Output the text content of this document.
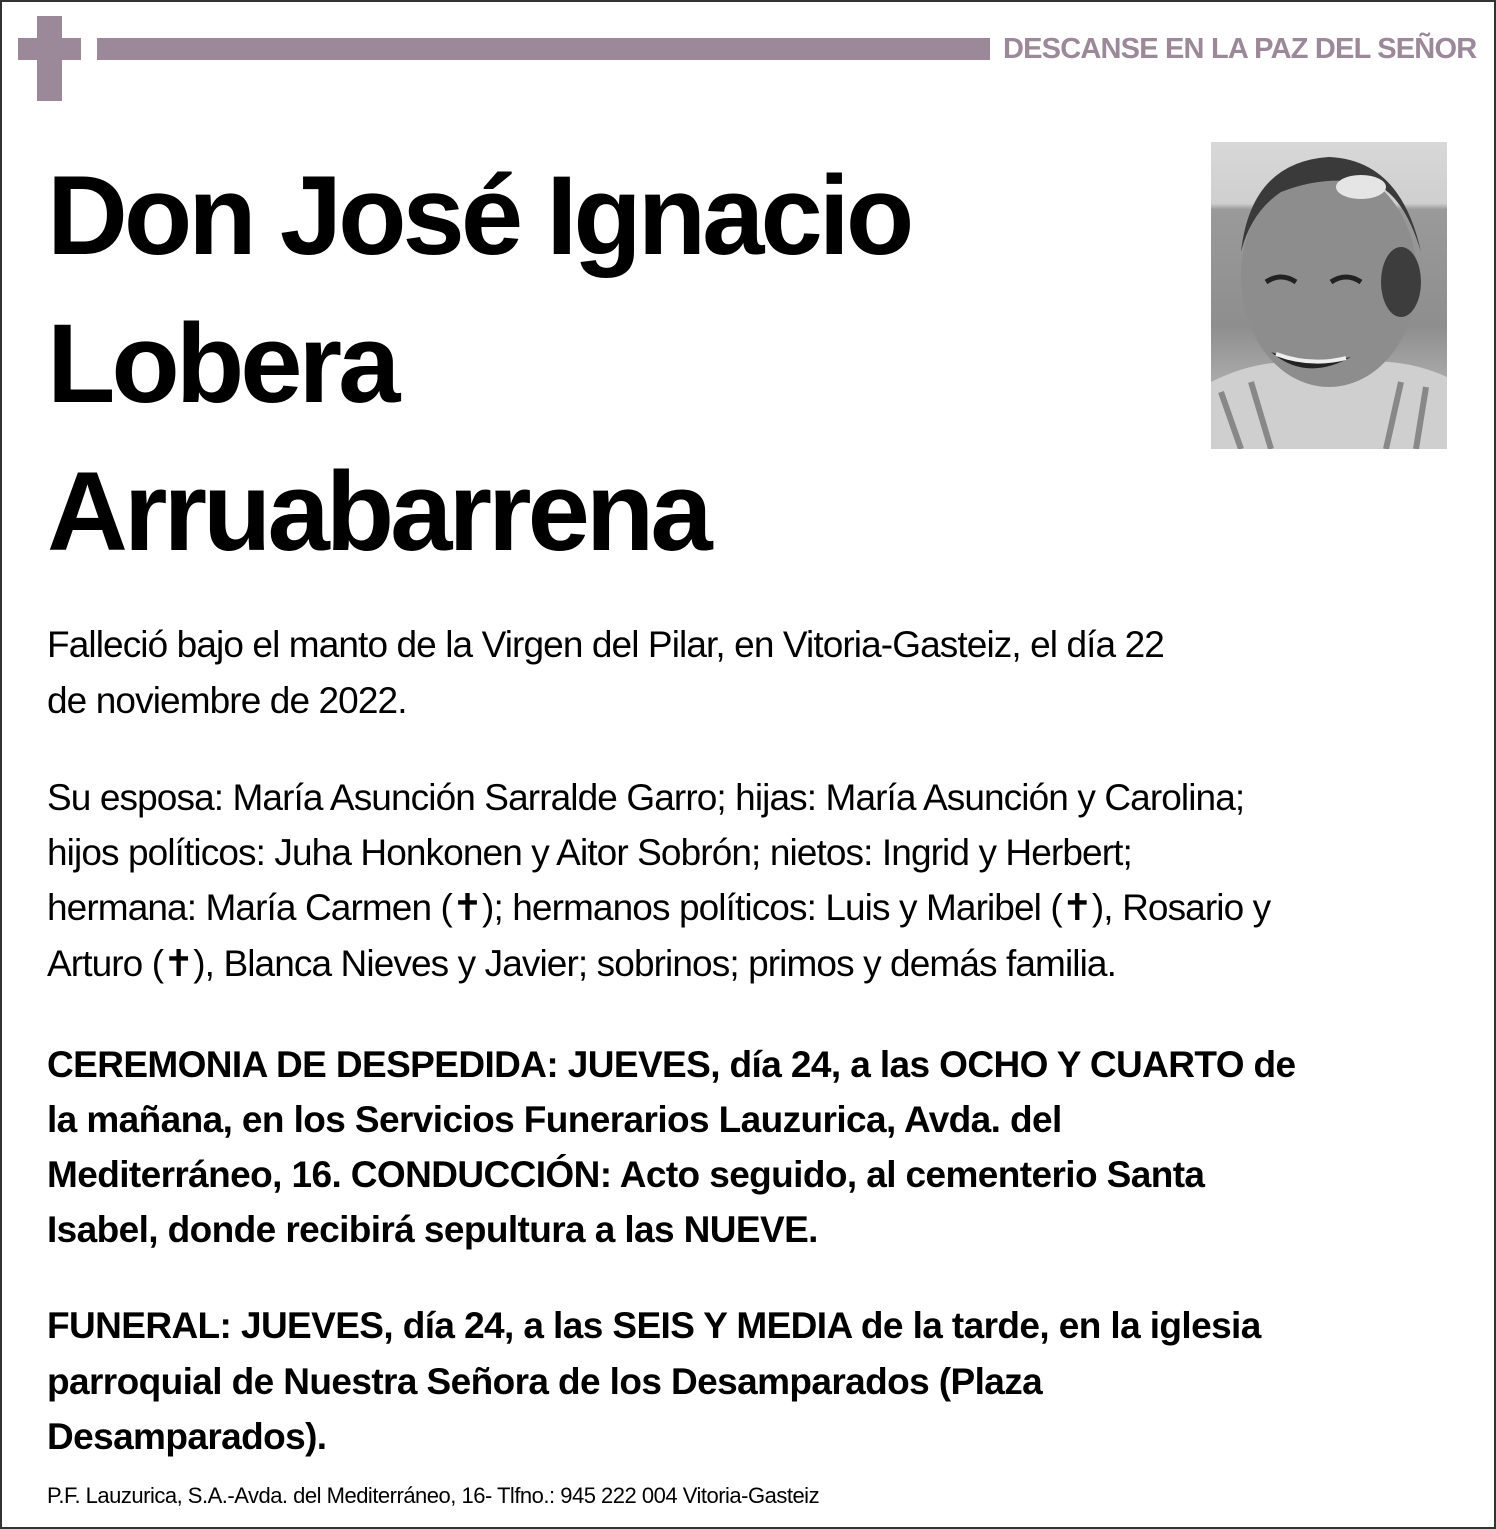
DESCANSE EN LA PAZ DEL SEÑOR
Don José Ignacio
Lobera
Arruabarrena
Falleció bajo el manto de la Virgen del Pilar, en Vitoria-Gasteiz, el día 22
de noviembre de 2022.
Su esposa: María Asunción Sarralde Garro; hijas: María Asunción y Carolina;
hijos políticos: Juha Honkonen y Aitor Sobrón; nietos: Ingrid y Herbert;
hermana: María Carmen (✝); hermanos políticos: Luis y Maribel (✝), Rosario y
Arturo (✝), Blanca Nieves y Javier; sobrinos; primos y demás familia.
CEREMONIA DE DESPEDIDA: JUEVES, día 24, a las OCHO Y CUARTO de
la mañana, en los Servicios Funerarios Lauzurica, Avda. del
Mediterráneo, 16. CONDUCCIÓN: Acto seguido, al cementerio Santa
Isabel, donde recibirá sepultura a las NUEVE.
FUNERAL: JUEVES, día 24, a las SEIS Y MEDIA de la tarde, en la iglesia
parroquial de Nuestra Señora de los Desamparados (Plaza
Desamparados).
P.F. Lauzurica, S.A.-Avda. del Mediterráneo, 16- Tlfno.: 945 222 004 Vitoria-Gasteiz
